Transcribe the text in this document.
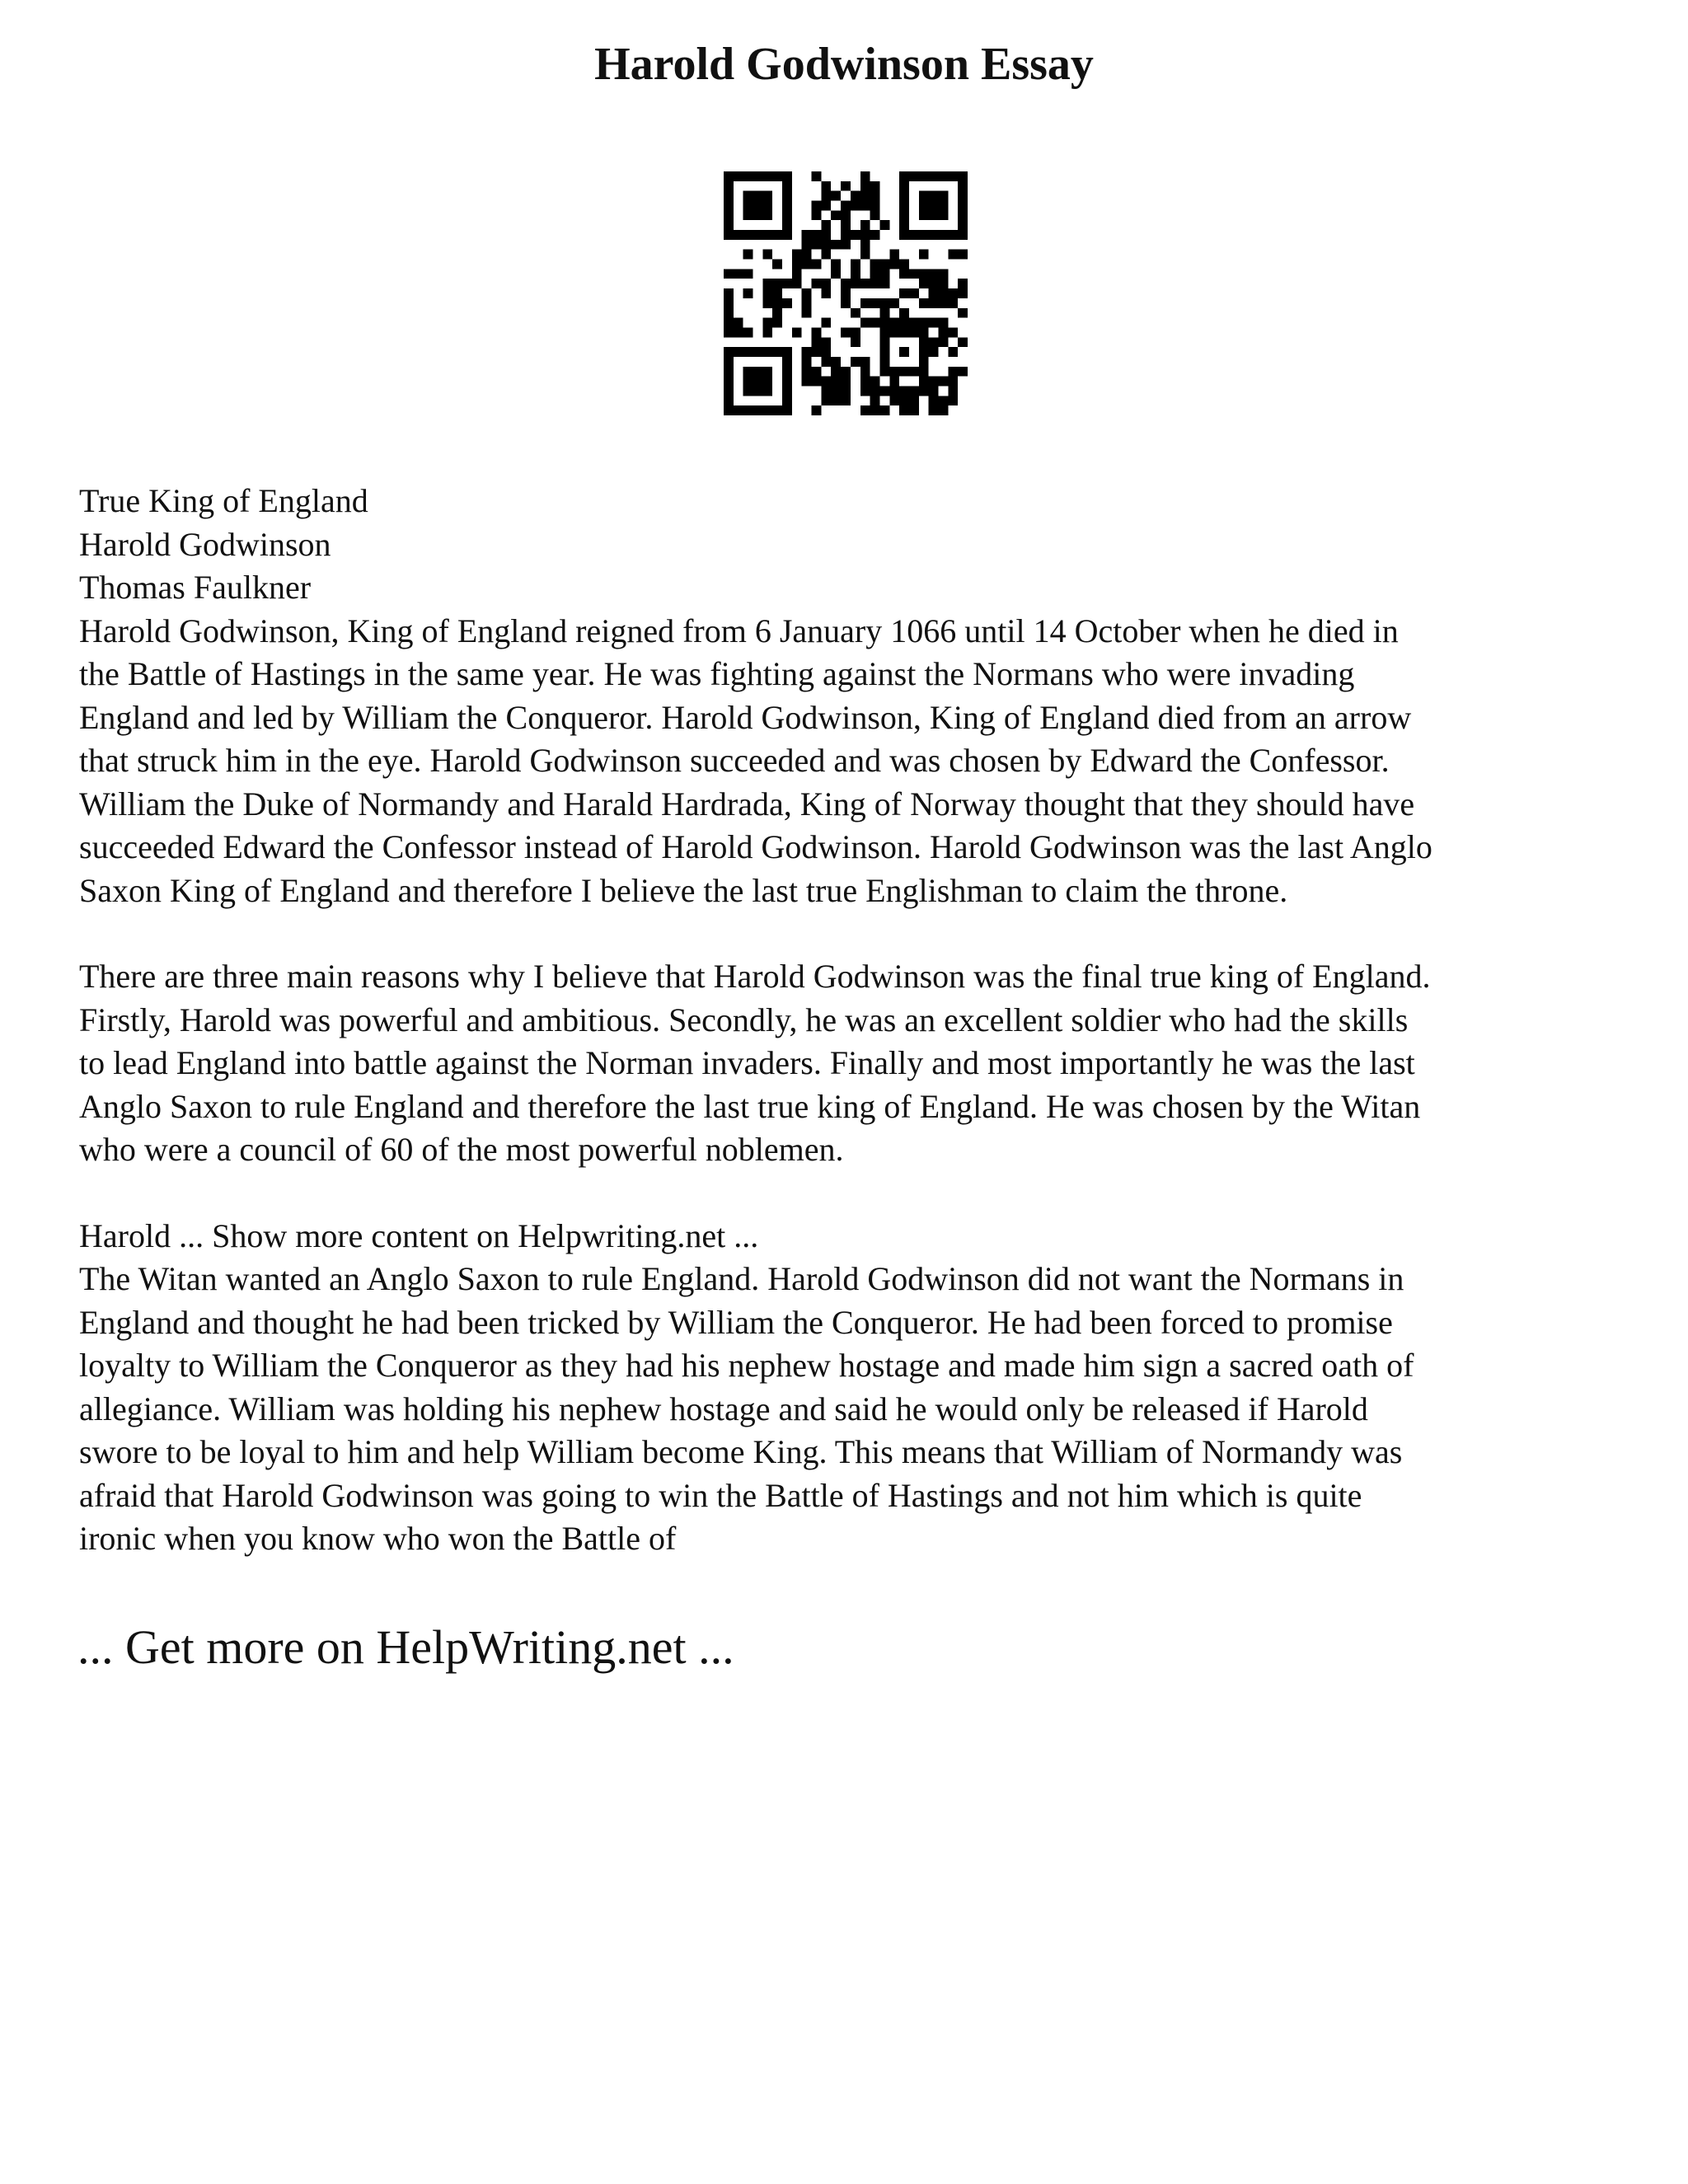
Harold Godwinson Essay

True King of England

Harold Godwinson

Thomas Faulkner

Harold Godwinson, King of England reigned from 6 January 1066 until 14 October when he died in

the Battle of Hastings in the same year. He was fighting against the Normans who were invading

England and led by William the Conqueror. Harold Godwinson, King of England died from an arrow

that struck him in the eye. Harold Godwinson succeeded and was chosen by Edward the Confessor.

William the Duke of Normandy and Harald Hardrada, King of Norway thought that they should have

succeeded Edward the Confessor instead of Harold Godwinson. Harold Godwinson was the last Anglo

Saxon King of England and therefore I believe the last true Englishman to claim the throne.

There are three main reasons why I believe that Harold Godwinson was the final true king of England.

Firstly, Harold was powerful and ambitious. Secondly, he was an excellent soldier who had the skills

to lead England into battle against the Norman invaders. Finally and most importantly he was the last

Anglo Saxon to rule England and therefore the last true king of England. He was chosen by the Witan

who were a council of 60 of the most powerful noblemen.

Harold ... Show more content on Helpwriting.net ...

The Witan wanted an Anglo Saxon to rule England. Harold Godwinson did not want the Normans in

England and thought he had been tricked by William the Conqueror. He had been forced to promise

loyalty to William the Conqueror as they had his nephew hostage and made him sign a sacred oath of

allegiance. William was holding his nephew hostage and said he would only be released if Harold

swore to be loyal to him and help William become King. This means that William of Normandy was

afraid that Harold Godwinson was going to win the Battle of Hastings and not him which is quite

ironic when you know who won the Battle of

... Get more on HelpWriting.net ...
